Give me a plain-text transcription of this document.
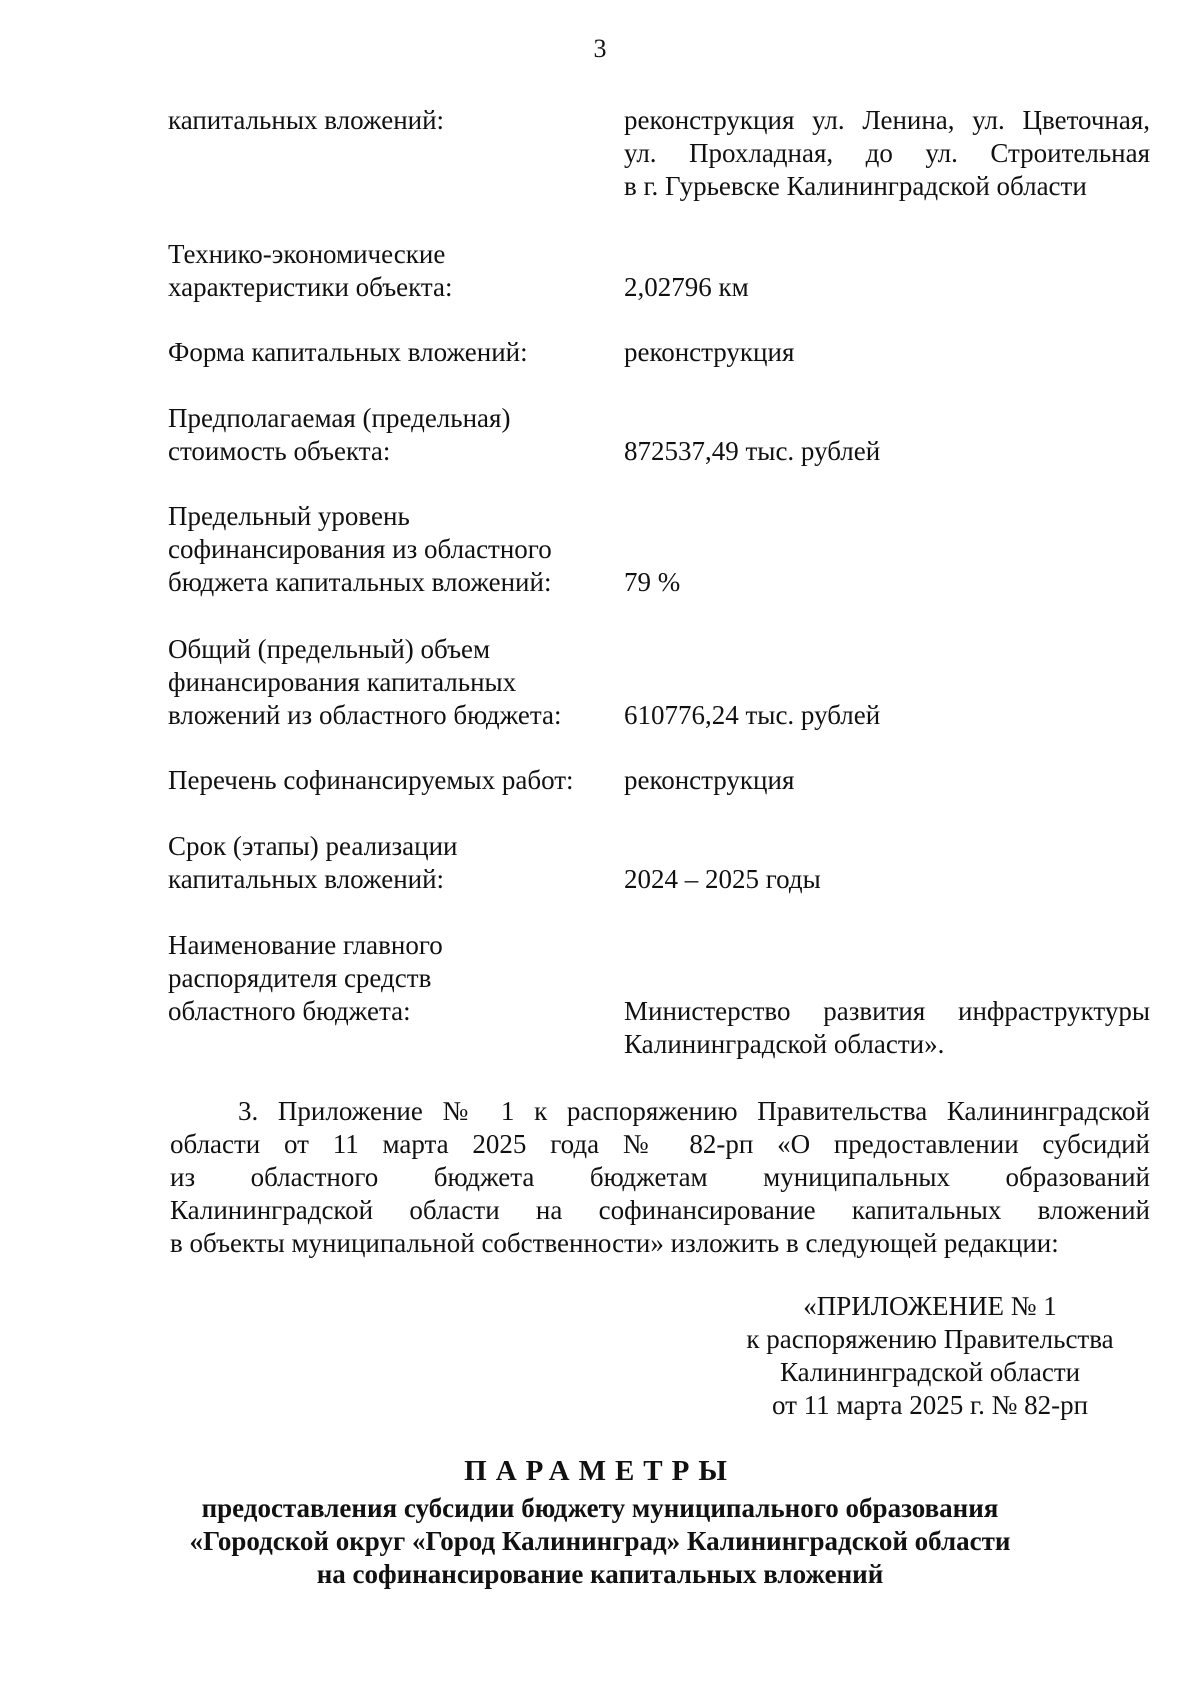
3
капитальных вложений:	реконструкция ул. Ленина, ул. Цветочная,
ул. Прохладная, до ул. Строительная
в г. Гурьевске Калининградской области
Технико-экономические
характеристики объекта:	2,02796 км
Форма капитальных вложений:	реконструкция
Предполагаемая (предельная)
стоимость объекта:	872537,49 тыс. рублей
Предельный уровень
софинансирования из областного
бюджета капитальных вложений:	79 %
Общий (предельный) объем
финансирования капитальных
вложений из областного бюджета:	610776,24 тыс. рублей
Перечень софинансируемых работ:	реконструкция
Срок (этапы) реализации
капитальных вложений:	2024 – 2025 годы
Наименование главного
распорядителя средств
областного бюджета:	Министерство развития инфраструктуры
Калининградской области».
3. Приложение № 1 к распоряжению Правительства Калининградской
области от 11 марта 2025 года № 82-рп «О предоставлении субсидий
из областного бюджета бюджетам муниципальных образований
Калининградской области на софинансирование капитальных вложений
в объекты муниципальной собственности» изложить в следующей редакции:
«ПРИЛОЖЕНИЕ № 1
к распоряжению Правительства
Калининградской области
от 11 марта 2025 г. № 82-рп
ПАРАМЕТРЫ
предоставления субсидии бюджету муниципального образования
«Городской округ «Город Калининград» Калининградской области
на софинансирование капитальных вложений
